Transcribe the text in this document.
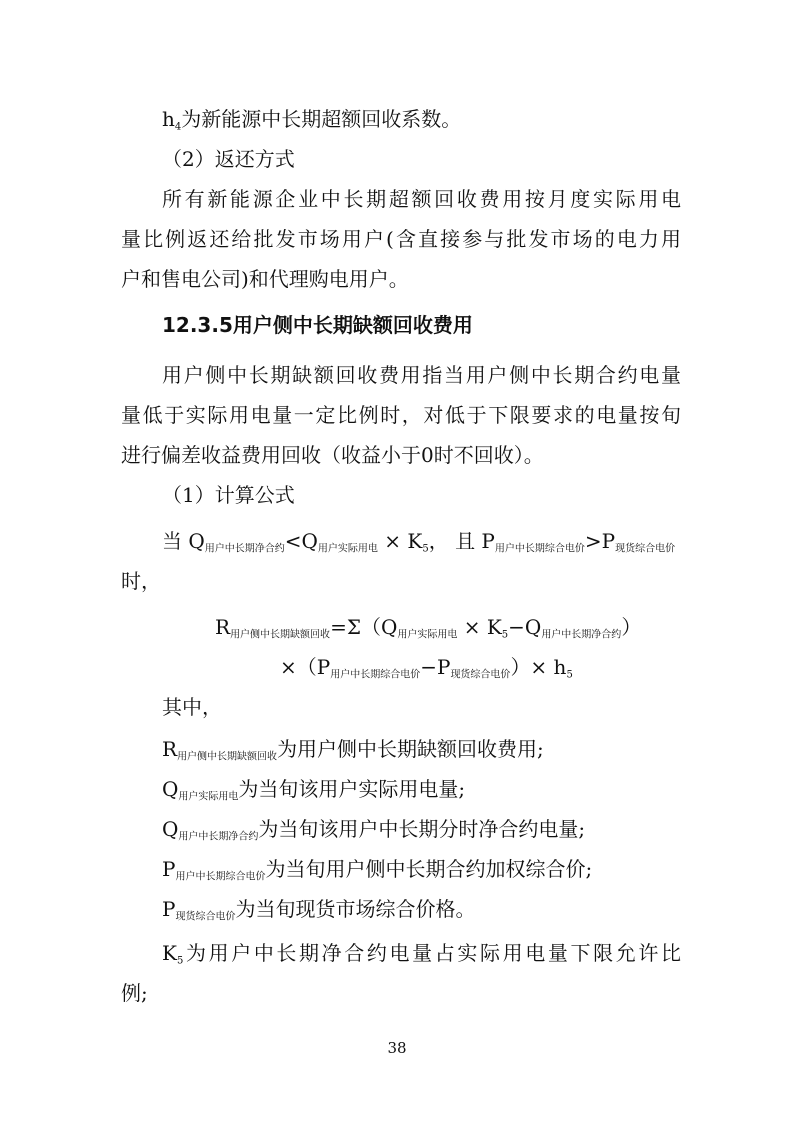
$h_4$为新能源中长期超额回收系数。
（2）返还方式
所有新能源企业中长期超额回收费用按月度实际用电
量比例返还给批发市场用户(含直接参与批发市场的电力用
户和售电公司)和代理购电用户。
12.3.5用户侧中长期缺额回收费用
用户侧中长期缺额回收费用指当用户侧中长期合约电量
量低于实际用电量一定比例时，对低于下限要求的电量按旬
进行偏差收益费用回收（收益小于0时不回收）。
（1）计算公式
当 $Q_{用户中长期净合约}<Q_{用户实际用电} \times K_5$， 且 $P_{用户中长期综合电价}>P_{现货综合电价}$
时，
$R_{用户侧中长期缺额回收}=\Sigma(Q_{用户实际用电} \times K_5-Q_{用户中长期净合约})$
$\times(P_{用户中长期综合电价}-P_{现货综合电价})\times h_5$
其中，
$R_{用户侧中长期缺额回收}$为用户侧中长期缺额回收费用;
$Q_{用户实际用电}$为当旬该用户实际用电量;
$Q_{用户中长期净合约}$为当旬该用户中长期分时净合约电量;
$P_{用户中长期综合电价}$为当旬用户侧中长期合约加权综合价;
$P_{现货综合电价}$为当旬现货市场综合价格。
$K_5$为用户中长期净合约电量占实际用电量下限允许比
例;
38
